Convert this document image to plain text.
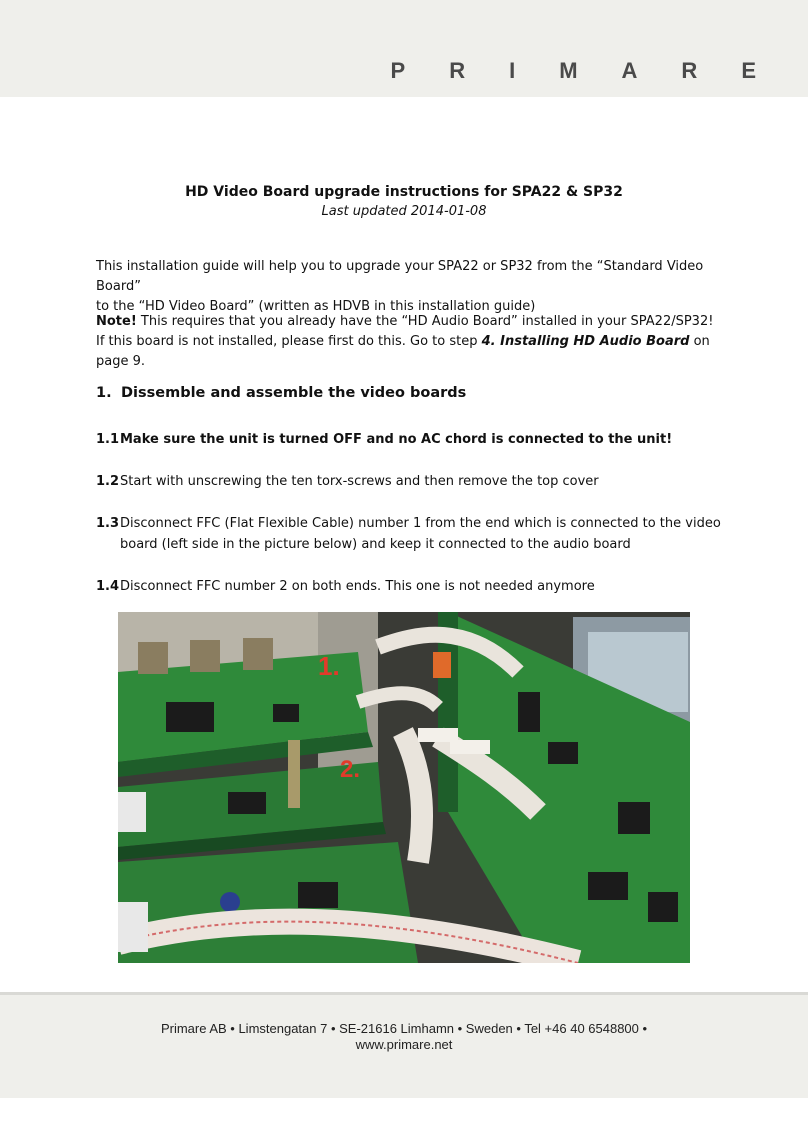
PRIMARE
HD Video Board upgrade instructions for SPA22 & SP32
Last updated 2014-01-08
This installation guide will help you to upgrade your SPA22 or SP32 from the “Standard Video Board”
to the “HD Video Board” (written as HDVB in this installation guide)
Note! This requires that you already have the “HD Audio Board” installed in your SPA22/SP32!
If this board is not installed, please first do this. Go to step 4. Installing HD Audio Board on page 9.
1. Dissemble and assemble the video boards
1.1Make sure the unit is turned OFF and no AC chord is connected to the unit!
1.2Start with unscrewing the ten torx-screws and then remove the top cover
1.3Disconnect FFC (Flat Flexible Cable) number 1 from the end which is connected to the video
board (left side in the picture below) and keep it connected to the audio board
1.4Disconnect FFC number 2 on both ends. This one is not needed anymore
1.
2.
Primare AB • Limstengatan 7 • SE-21616 Limhamn • Sweden • Tel +46 40 6548800 •
www.primare.net
